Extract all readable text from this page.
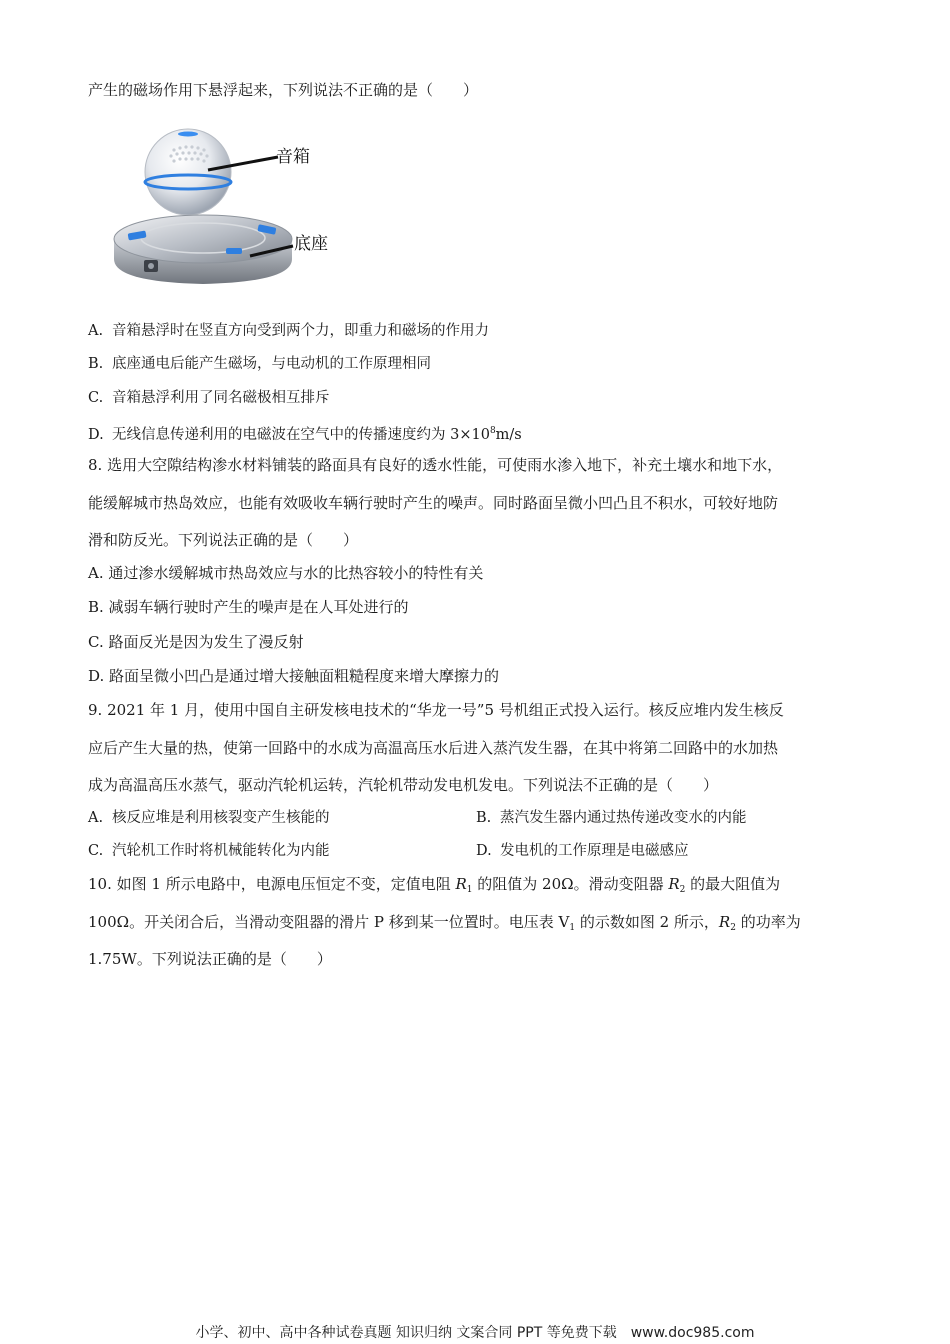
产生的磁场作用下悬浮起来，下列说法不正确的是（　　）
音箱
底座
A. 音箱悬浮时在竖直方向受到两个力，即重力和磁场的作用力
B. 底座通电后能产生磁场，与电动机的工作原理相同
C. 音箱悬浮利用了同名磁极相互排斥
D. 无线信息传递利用的电磁波在空气中的传播速度约为 $3\times 10^8m/s$
8. 选用大空隙结构渗水材料铺装的路面具有良好的透水性能，可使雨水渗入地下，补充土壤水和地下水，
能缓解城市热岛效应，也能有效吸收车辆行驶时产生的噪声。同时路面呈微小凹凸且不积水，可较好地防
滑和防反光。下列说法正确的是（　　）
A. 通过渗水缓解城市热岛效应与水的比热容较小的特性有关
B. 减弱车辆行驶时产生的噪声是在人耳处进行的
C. 路面反光是因为发生了漫反射
D. 路面呈微小凹凸是通过增大接触面粗糙程度来增大摩擦力的
9. 2021 年 1 月，使用中国自主研发核电技术的“华龙一号”5 号机组正式投入运行。核反应堆内发生核反
应后产生大量的热，使第一回路中的水成为高温高压水后进入蒸汽发生器，在其中将第二回路中的水加热
成为高温高压水蒸气，驱动汽轮机运转，汽轮机带动发电机发电。下列说法不正确的是（　　）
A. 核反应堆是利用核裂变产生核能的	B. 蒸汽发生器内通过热传递改变水的内能
C. 汽轮机工作时将机械能转化为内能	D. 发电机的工作原理是电磁感应
10. 如图 1 所示电路中，电源电压恒定不变，定值电阻 $R_1$ 的阻值为 20Ω。滑动变阻器 $R_2$ 的最大阻值为
100Ω。开关闭合后，当滑动变阻器的滑片 P 移到某一位置时。电压表 $V_1$ 的示数如图 2 所示，$R_2$ 的功率为
1.75W。下列说法正确的是（　　）
小学、初中、高中各种试卷真题 知识归纳 文案合同 PPT 等免费下载　www.doc985.com
